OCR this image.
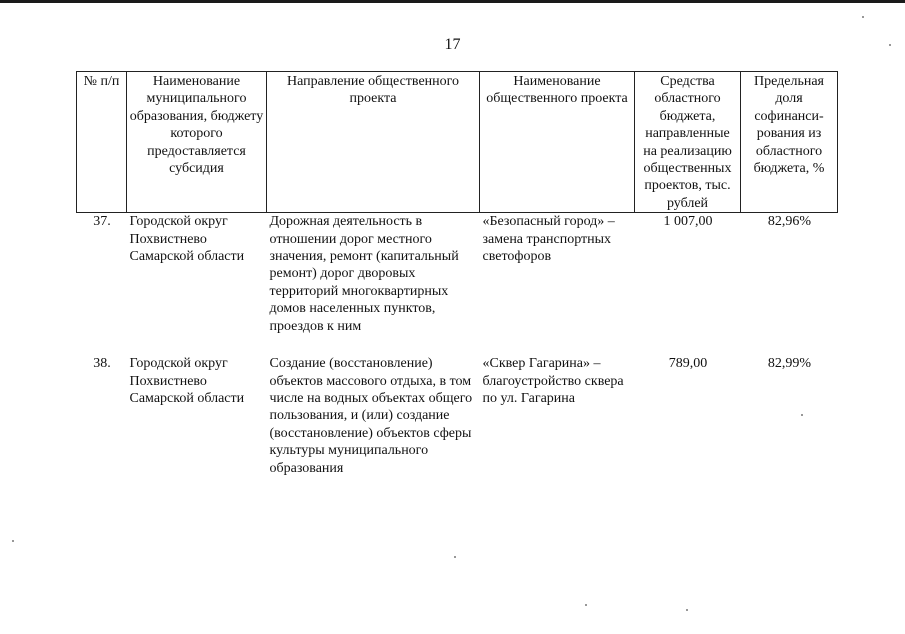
17
№ п/п	Наименование муниципального образования, бюджету которого предоставляется субсидия	Направление общественного проекта	Наименование общественного проекта	Средства областного бюджета, направленные на реализацию общественных проектов, тыс. рублей	Предельная доля софинанси-рования из областного бюджета, %
37.	Городской округ Похвистнево Самарской области	Дорожная деятельность в отношении дорог местного значения, ремонт (капитальный ремонт) дорог дворовых территорий многоквартирных домов населенных пунктов, проездов к ним	«Безопасный город» – замена транспортных светофоров	1 007,00	82,96%
38.	Городской округ Похвистнево Самарской области	Создание (восстановление) объектов массового отдыха, в том числе на водных объектах общего пользования, и (или) создание (восстановление) объектов сферы культуры муниципального образования	«Сквер Гагарина» – благоустройство сквера по ул. Гагарина	789,00	82,99%
